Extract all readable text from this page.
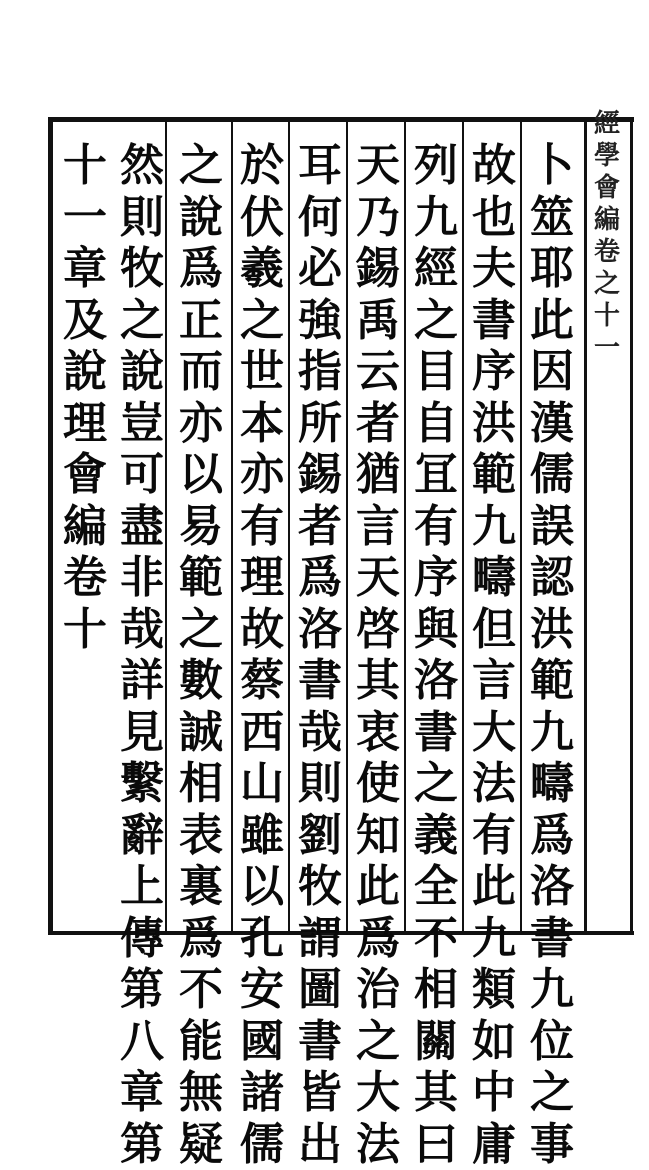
經
學
會
編
卷
之
十
一
卜
筮
耶
此
因
漢
儒
誤
認
洪
範
九
疇
爲
洛
書
九
位
之
事
故
也
夫
書
序
洪
範
九
疇
但
言
大
法
有
此
九
類
如
中
庸
列
九
經
之
目
自
冝
有
序
與
洛
書
之
義
全
不
相
關
其
曰
天
乃
錫
禹
云
者
猶
言
天
啓
其
衷
使
知
此
爲
治
之
大
法
耳
何
必
強
指
所
錫
者
爲
洛
書
哉
則
劉
牧
謂
圖
書
皆
出
於
伏
羲
之
世
本
亦
有
理
故
蔡
西
山
雖
以
孔
安
國
諸
儒
之
說
爲
正
而
亦
以
易
範
之
數
誠
相
表
裏
爲
不
能
無
疑
然
則
牧
之
說
豈
可
盡
非
哉
詳
見
繫
辭
上
傳
第
八
章
第
十
一
章
及
說
理
會
編
卷
十
